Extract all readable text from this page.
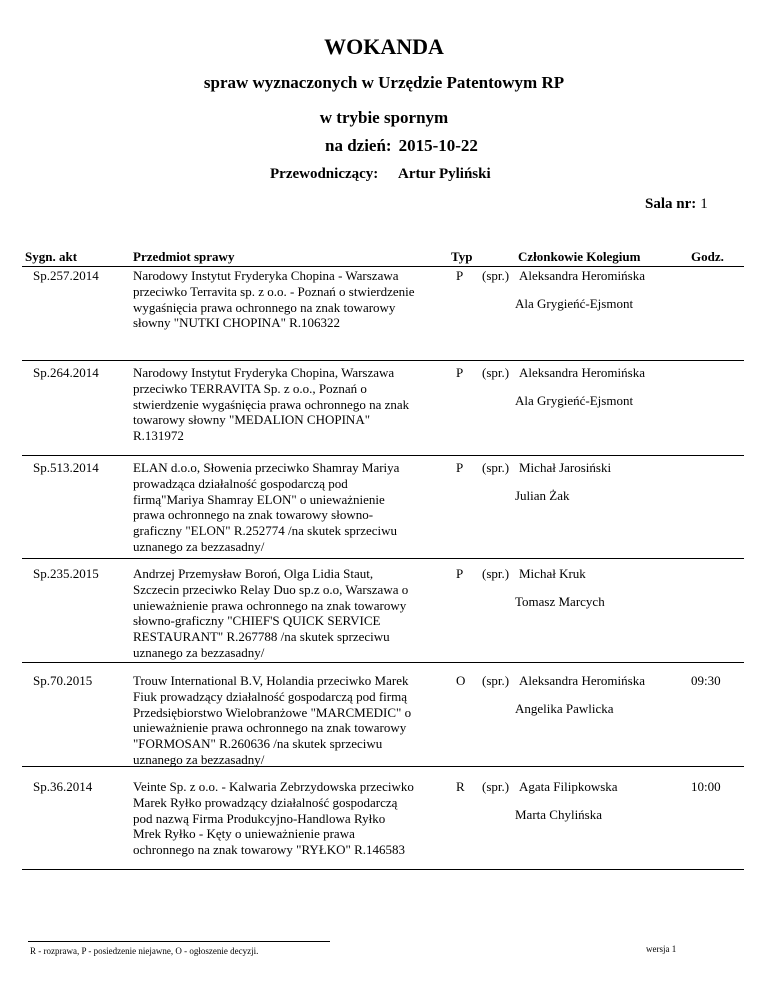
WOKANDA
spraw wyznaczonych w Urzędzie Patentowym RP
w trybie spornym
na dzień: 2015-10-22
Przewodniczący: Artur Pyliński
Sala nr: 1
Sygn. akt	Przedmiot sprawy	Typ	Członkowie Kolegium	Godz.
Sp.257.2014	Narodowy Instytut Fryderyka Chopina - Warszawa
przeciwko Terravita sp. z o.o. - Poznań o stwierdzenie
wygaśnięcia prawa ochronnego na znak towarowy
słowny "NUTKI CHOPINA" R.106322
P (spr.) Aleksandra Heromińska
Ala Grygieńć-Ejsmont
Sp.264.2014	Narodowy Instytut Fryderyka Chopina, Warszawa
przeciwko TERRAVITA Sp. z o.o., Poznań o
stwierdzenie wygaśnięcia prawa ochronnego na znak
towarowy słowny "MEDALION CHOPINA"
R.131972
P (spr.) Aleksandra Heromińska
Ala Grygieńć-Ejsmont
Sp.513.2014	ELAN d.o.o, Słowenia przeciwko Shamray Mariya
prowadząca działalność gospodarczą pod
firmą"Mariya Shamray ELON" o unieważnienie
prawa ochronnego na znak towarowy słowno-
graficzny "ELON" R.252774 /na skutek sprzeciwu
uznanego za bezzasadny/
P (spr.) Michał Jarosiński
Julian Żak
Sp.235.2015	Andrzej Przemysław Boroń, Olga Lidia Staut,
Szczecin przeciwko Relay Duo sp.z o.o, Warszawa o
unieważnienie prawa ochronnego na znak towarowy
słowno-graficzny "CHIEF'S QUICK SERVICE
RESTAURANT" R.267788 /na skutek sprzeciwu
uznanego za bezzasadny/
P (spr.) Michał Kruk
Tomasz Marcych
Sp.70.2015	Trouw International B.V, Holandia przeciwko Marek
Fiuk prowadzący działalność gospodarczą pod firmą
Przedsiębiorstwo Wielobranżowe "MARCMEDIC" o
unieważnienie prawa ochronnego na znak towarowy
"FORMOSAN" R.260636 /na skutek sprzeciwu
uznanego za bezzasadny/
O (spr.) Aleksandra Heromińska
Angelika Pawlicka
09:30
Sp.36.2014	Veinte Sp. z o.o. - Kalwaria Zebrzydowska przeciwko
Marek Ryłko prowadzący działalność gospodarczą
pod nazwą Firma Produkcyjno-Handlowa Ryłko
Mrek Ryłko - Kęty o unieważnienie prawa
ochronnego na znak towarowy "RYŁKO" R.146583
R (spr.) Agata Filipkowska
Marta Chylińska
10:00
R - rozprawa, P - posiedzenie niejawne, O - ogłoszenie decyzji.	wersja 1
